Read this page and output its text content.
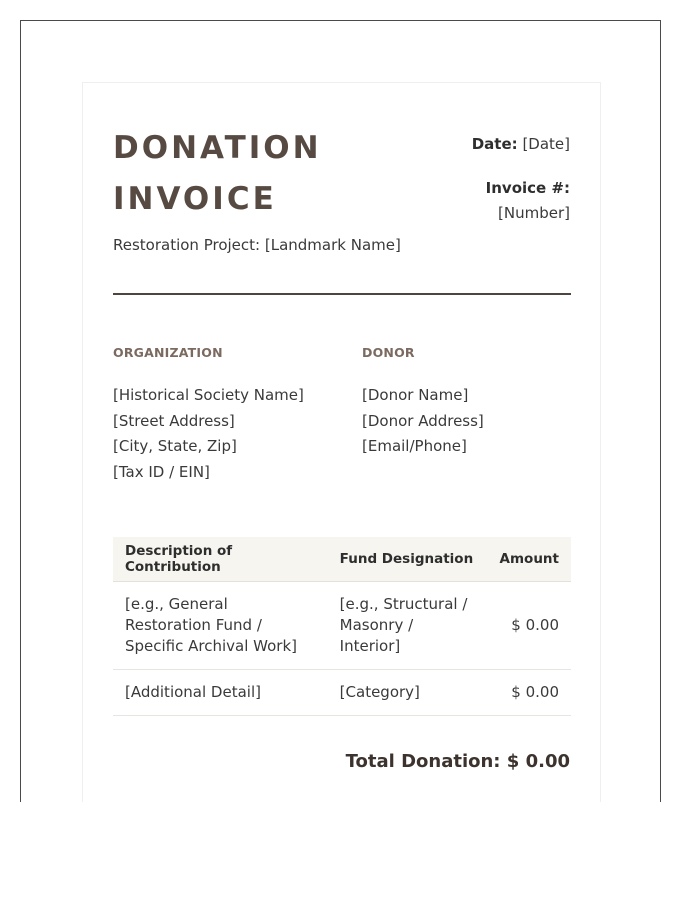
DONATION
INVOICE
Restoration Project: [Landmark Name]
Date: [Date]
Invoice #:
[Number]
ORGANIZATION
[Historical Society Name]
[Street Address]
[City, State, Zip]
[Tax ID / EIN]
DONOR
[Donor Name]
[Donor Address]
[Email/Phone]
Description of Contribution	Fund Designation	Amount
[e.g., General Restoration Fund / Specific Archival Work]	[e.g., Structural / Masonry / Interior]	$ 0.00
[Additional Detail]	[Category]	$ 0.00
Total Donation: $ 0.00
